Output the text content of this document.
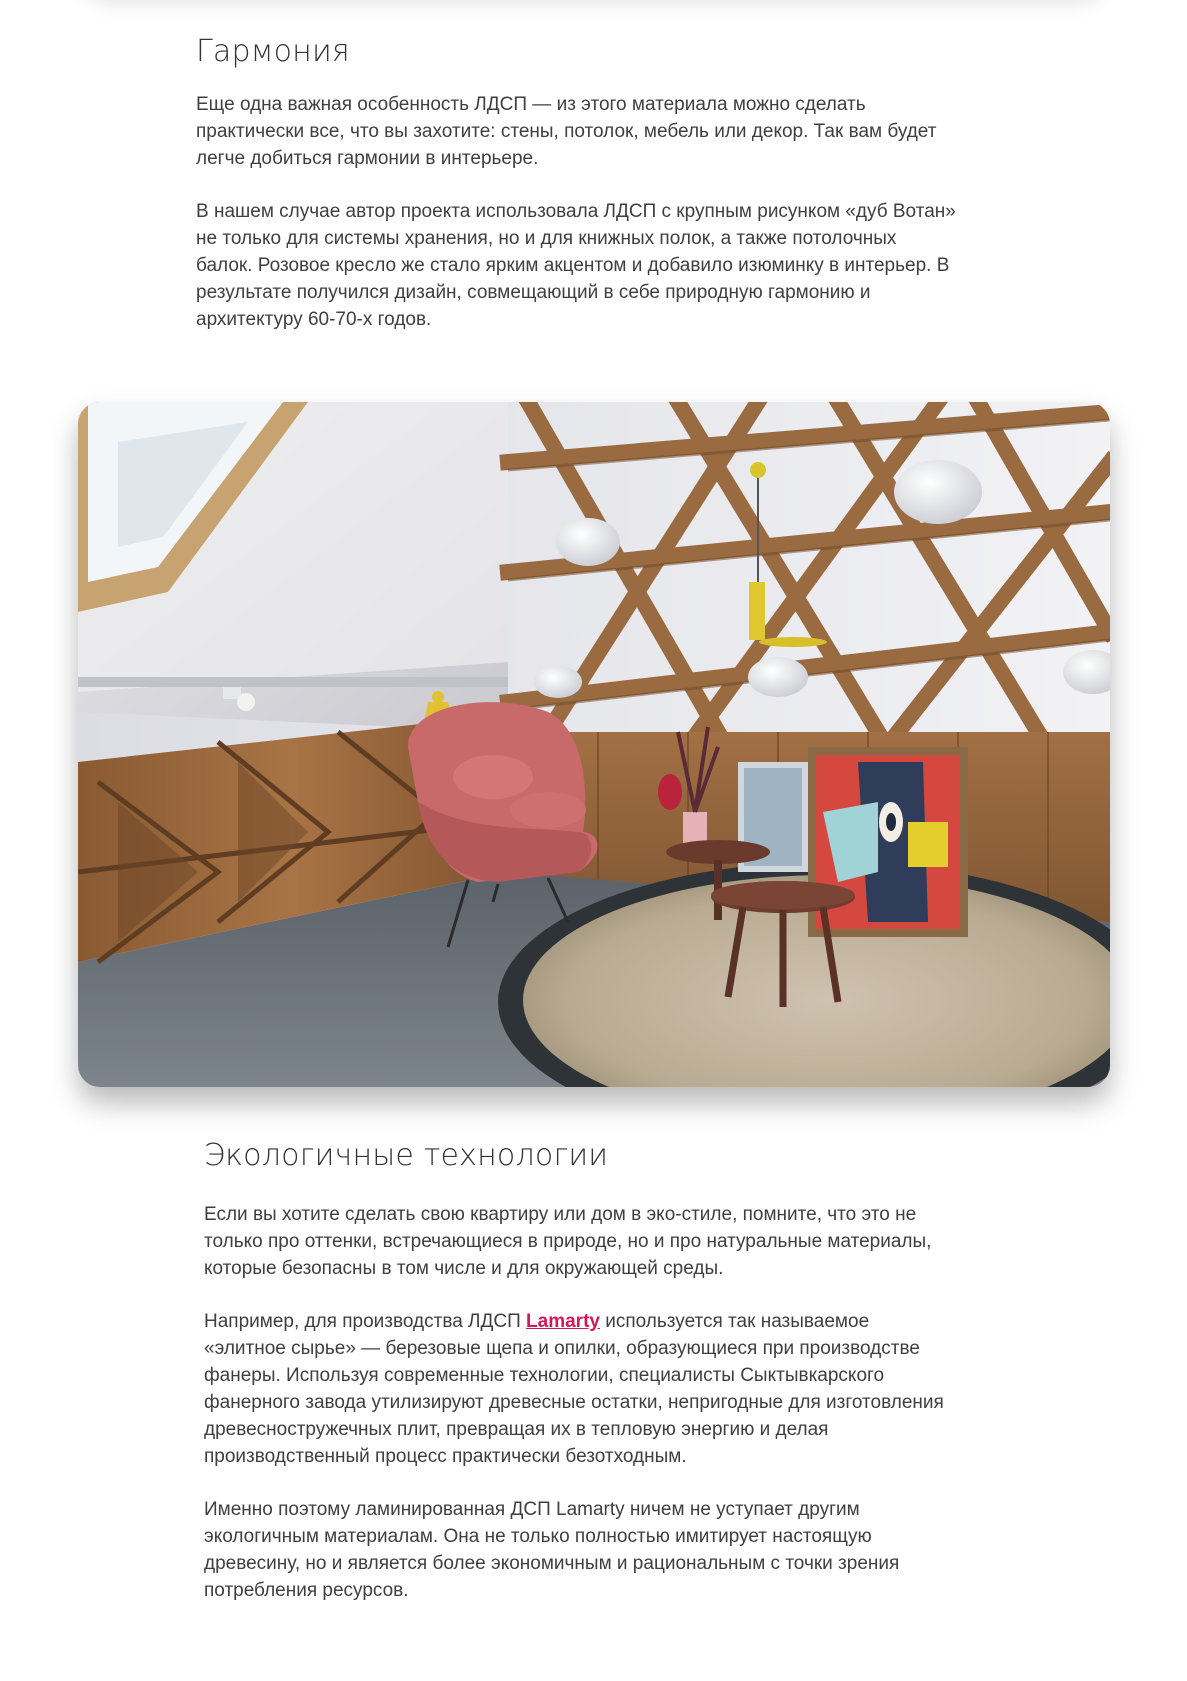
Гармония

Еще одна важная особенность ЛДСП — из этого материала можно сделать практически все, что вы захотите: стены, потолок, мебель или декор. Так вам будет легче добиться гармонии в интерьере.

В нашем случае автор проекта использовала ЛДСП с крупным рисунком «дуб Вотан» не только для системы хранения, но и для книжных полок, а также потолочных балок. Розовое кресло же стало ярким акцентом и добавило изюминку в интерьер. В результате получился дизайн, совмещающий в себе природную гармонию и архитектуру 60-70-х годов.

Экологичные технологии

Если вы хотите сделать свою квартиру или дом в эко-стиле, помните, что это не только про оттенки, встречающиеся в природе, но и про натуральные материалы, которые безопасны в том числе и для окружающей среды.

Например, для производства ЛДСП Lamarty используется так называемое «элитное сырье» — березовые щепа и опилки, образующиеся при производстве фанеры. Используя современные технологии, специалисты Сыктывкарского фанерного завода утилизируют древесные остатки, непригодные для изготовления древесностружечных плит, превращая их в тепловую энергию и делая производственный процесс практически безотходным.

Именно поэтому ламинированная ДСП Lamarty ничем не уступает другим экологичным материалам. Она не только полностью имитирует настоящую древесину, но и является более экономичным и рациональным с точки зрения потребления ресурсов.
